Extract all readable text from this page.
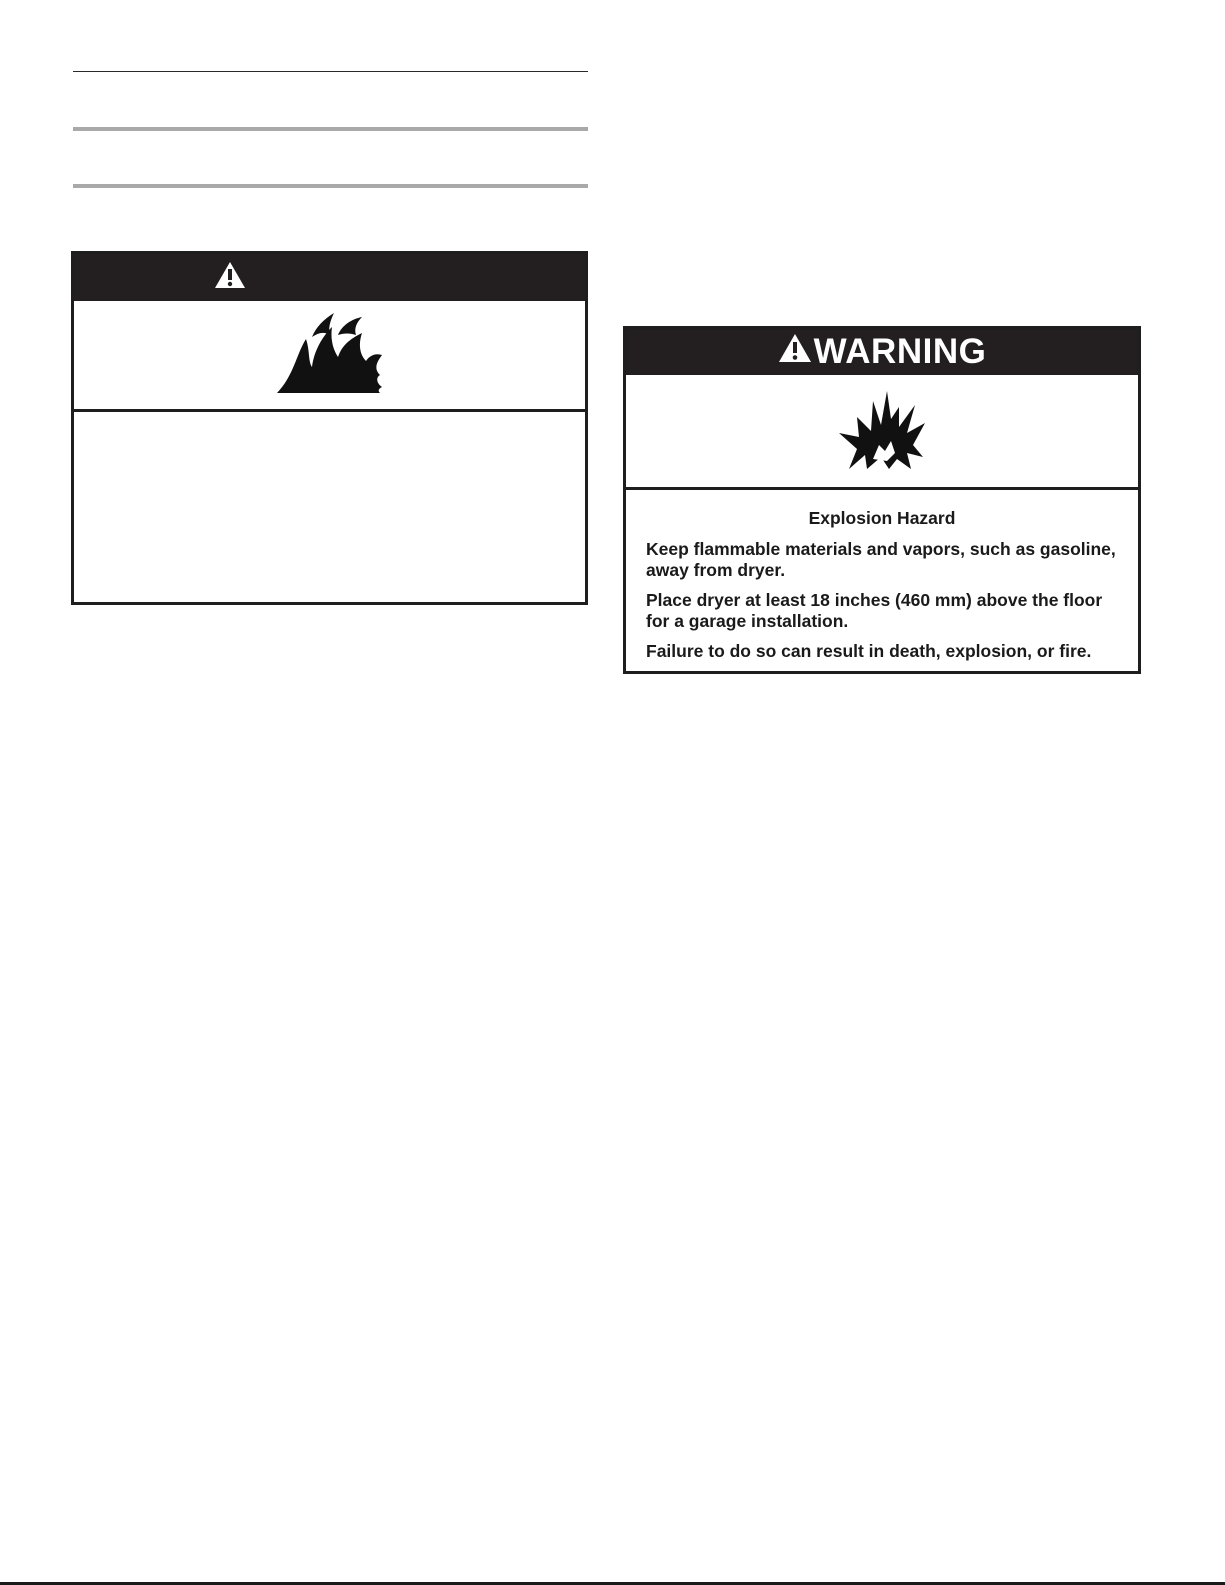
WARNING
Explosion Hazard

Keep flammable materials and vapors, such as gasoline, away from dryer.

Place dryer at least 18 inches (460 mm) above the floor for a garage installation.

Failure to do so can result in death, explosion, or fire.
